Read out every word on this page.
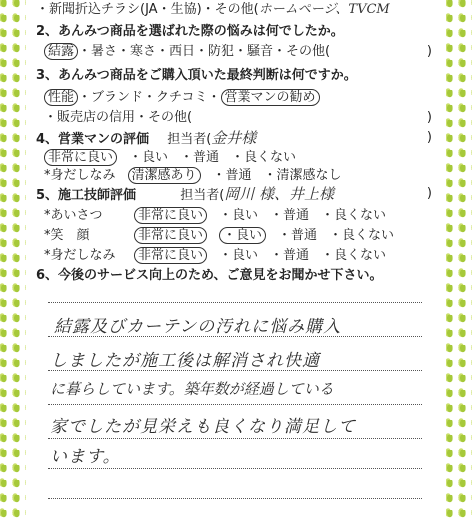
・新聞折込チラシ(JA・生協)・その他(ホームページ、TVCM
2、あんみつ商品を選ばれた際の悩みは何でしたか。
結露 ・暑さ・寒さ・西日・防犯・騒音・その他(	)
3、あんみつ商品をご購入頂いた最終判断は何ですか。
性能 ・ブランド・クチコミ・ 営業マンの勧め
・販売店の信用・その他(	)
4、営業マンの評価 担当者(金井様	)
非常に良い ・良い ・普通 ・良くない
*身だしなみ 清潔感あり ・普通 ・清潔感なし
5、施工技師評価	担当者(岡川 様、井上様	)
*あいさつ	非常に良い ・良い ・普通 ・良くない
*笑　顔	非常に良い ・良い ・普通 ・良くない
*身だしなみ 非常に良い ・良い ・普通 ・良くない
6、今後のサービス向上のため、ご意見をお聞かせ下さい。
結露及びカーテンの汚れに悩み購入
しましたが施工後は解消され快適
に暮らしています。築年数が経過している
家でしたが見栄えも良くなり満足して
います。
